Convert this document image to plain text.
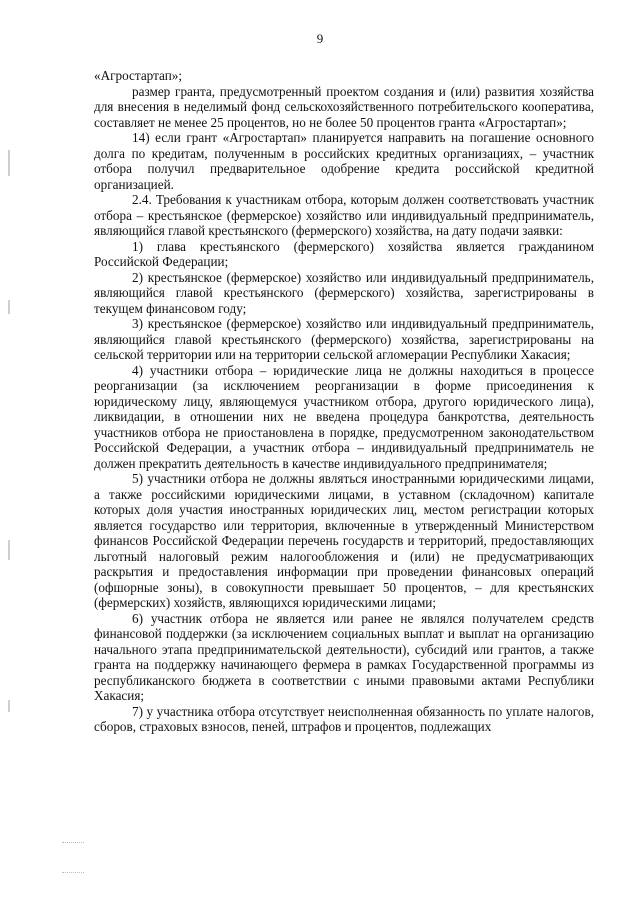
9

«Агростартап»;

размер гранта, предусмотренный проектом создания и (или) развития хозяйства для внесения в неделимый фонд сельскохозяйственного потребительского кооператива, составляет не менее 25 процентов, но не более 50 процентов гранта «Агростартап»;

14) если грант «Агростартап» планируется направить на погашение основного долга по кредитам, полученным в российских кредитных организациях, – участник отбора получил предварительное одобрение кредита российской кредитной организацией.

2.4. Требования к участникам отбора, которым должен соответствовать участник отбора – крестьянское (фермерское) хозяйство или индивидуальный предприниматель, являющийся главой крестьянского (фермерского) хозяйства, на дату подачи заявки:

1) глава крестьянского (фермерского) хозяйства является гражданином Российской Федерации;

2) крестьянское (фермерское) хозяйство или индивидуальный предприниматель, являющийся главой крестьянского (фермерского) хозяйства, зарегистрированы в текущем финансовом году;

3) крестьянское (фермерское) хозяйство или индивидуальный предприниматель, являющийся главой крестьянского (фермерского) хозяйства, зарегистрированы на сельской территории или на территории сельской агломерации Республики Хакасия;

4) участники отбора – юридические лица не должны находиться в процессе реорганизации (за исключением реорганизации в форме присоединения к юридическому лицу, являющемуся участником отбора, другого юридического лица), ликвидации, в отношении них не введена процедура банкротства, деятельность участников отбора не приостановлена в порядке, предусмотренном законодательством Российской Федерации, а участник отбора – индивидуальный предприниматель не должен прекратить деятельность в качестве индивидуального предпринимателя;

5) участники отбора не должны являться иностранными юридическими лицами, а также российскими юридическими лицами, в уставном (складочном) капитале которых доля участия иностранных юридических лиц, местом регистрации которых является государство или территория, включенные в утвержденный Министерством финансов Российской Федерации перечень государств и территорий, предоставляющих льготный налоговый режим налогообложения и (или) не предусматривающих раскрытия и предоставления информации при проведении финансовых операций (офшорные зоны), в совокупности превышает 50 процентов, – для крестьянских (фермерских) хозяйств, являющихся юридическими лицами;

6) участник отбора не является или ранее не являлся получателем средств финансовой поддержки (за исключением социальных выплат и выплат на организацию начального этапа предпринимательской деятельности), субсидий или грантов, а также гранта на поддержку начинающего фермера в рамках Государственной программы из республиканского бюджета в соответствии с иными правовыми актами Республики Хакасия;

7) у участника отбора отсутствует неисполненная обязанность по уплате налогов, сборов, страховых взносов, пеней, штрафов и процентов, подлежащих
